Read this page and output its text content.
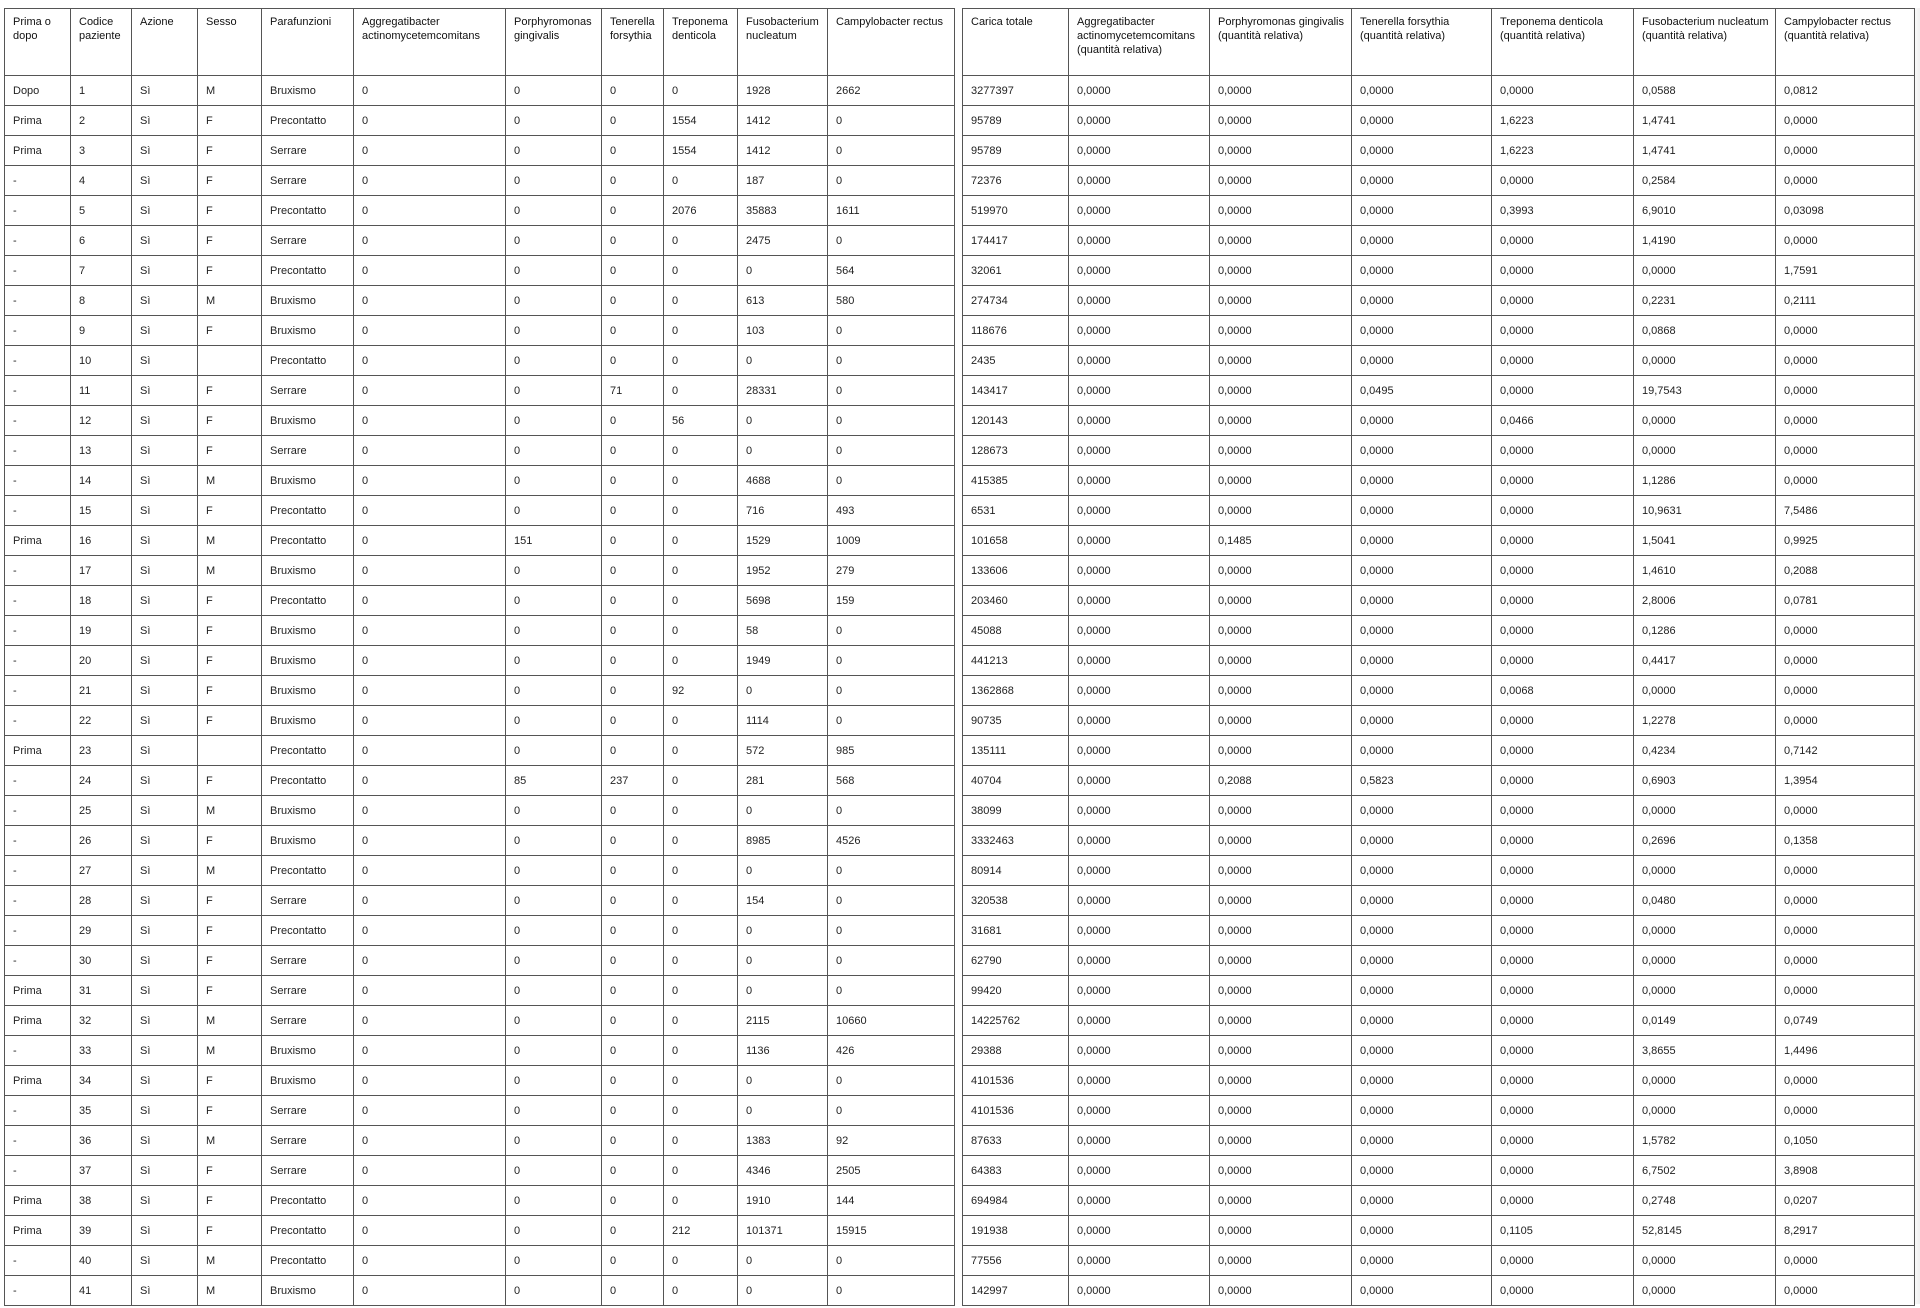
Prima o dopo	Codice paziente	Azione	Sesso	Parafunzioni	Aggregatibacter actinomycetemcomitans	Porphyromonas gingivalis	Tenerella forsythia	Treponema denticola	Fusobacterium nucleatum	Campylobacter rectus
Dopo	1	Sì	M	Bruxismo	0	0	0	0	1928	2662
Prima	2	Sì	F	Precontatto	0	0	0	1554	1412	0
Prima	3	Sì	F	Serrare	0	0	0	1554	1412	0
-	4	Sì	F	Serrare	0	0	0	0	187	0
-	5	Sì	F	Precontatto	0	0	0	2076	35883	1611
-	6	Sì	F	Serrare	0	0	0	0	2475	0
-	7	Sì	F	Precontatto	0	0	0	0	0	564
-	8	Sì	M	Bruxismo	0	0	0	0	613	580
-	9	Sì	F	Bruxismo	0	0	0	0	103	0
-	10	Sì		Precontatto	0	0	0	0	0	0
-	11	Sì	F	Serrare	0	0	71	0	28331	0
-	12	Sì	F	Bruxismo	0	0	0	56	0	0
-	13	Sì	F	Serrare	0	0	0	0	0	0
-	14	Sì	M	Bruxismo	0	0	0	0	4688	0
-	15	Sì	F	Precontatto	0	0	0	0	716	493
Prima	16	Sì	M	Precontatto	0	151	0	0	1529	1009
-	17	Sì	M	Bruxismo	0	0	0	0	1952	279
-	18	Sì	F	Precontatto	0	0	0	0	5698	159
-	19	Sì	F	Bruxismo	0	0	0	0	58	0
-	20	Sì	F	Bruxismo	0	0	0	0	1949	0
-	21	Sì	F	Bruxismo	0	0	0	92	0	0
-	22	Sì	F	Bruxismo	0	0	0	0	1114	0
Prima	23	Sì		Precontatto	0	0	0	0	572	985
-	24	Sì	F	Precontatto	0	85	237	0	281	568
-	25	Sì	M	Bruxismo	0	0	0	0	0	0
-	26	Sì	F	Bruxismo	0	0	0	0	8985	4526
-	27	Sì	M	Precontatto	0	0	0	0	0	0
-	28	Sì	F	Serrare	0	0	0	0	154	0
-	29	Sì	F	Precontatto	0	0	0	0	0	0
-	30	Sì	F	Serrare	0	0	0	0	0	0
Prima	31	Sì	F	Serrare	0	0	0	0	0	0
Prima	32	Sì	M	Serrare	0	0	0	0	2115	10660
-	33	Sì	M	Bruxismo	0	0	0	0	1136	426
Prima	34	Sì	F	Bruxismo	0	0	0	0	0	0
-	35	Sì	F	Serrare	0	0	0	0	0	0
-	36	Sì	M	Serrare	0	0	0	0	1383	92
-	37	Sì	F	Serrare	0	0	0	0	4346	2505
Prima	38	Sì	F	Precontatto	0	0	0	0	1910	144
Prima	39	Sì	F	Precontatto	0	0	0	212	101371	15915
-	40	Sì	M	Precontatto	0	0	0	0	0	0
-	41	Sì	M	Bruxismo	0	0	0	0	0	0
Carica totale	Aggregatibacter actinomycetemcomitans (quantità relativa)	Porphyromonas gingivalis (quantità relativa)	Tenerella forsythia (quantità relativa)	Treponema denticola (quantità relativa)	Fusobacterium nucleatum (quantità relativa)	Campylobacter rectus (quantità relativa)
3277397	0,0000	0,0000	0,0000	0,0000	0,0588	0,0812
95789	0,0000	0,0000	0,0000	1,6223	1,4741	0,0000
95789	0,0000	0,0000	0,0000	1,6223	1,4741	0,0000
72376	0,0000	0,0000	0,0000	0,0000	0,2584	0,0000
519970	0,0000	0,0000	0,0000	0,3993	6,9010	0,03098
174417	0,0000	0,0000	0,0000	0,0000	1,4190	0,0000
32061	0,0000	0,0000	0,0000	0,0000	0,0000	1,7591
274734	0,0000	0,0000	0,0000	0,0000	0,2231	0,2111
118676	0,0000	0,0000	0,0000	0,0000	0,0868	0,0000
2435	0,0000	0,0000	0,0000	0,0000	0,0000	0,0000
143417	0,0000	0,0000	0,0495	0,0000	19,7543	0,0000
120143	0,0000	0,0000	0,0000	0,0466	0,0000	0,0000
128673	0,0000	0,0000	0,0000	0,0000	0,0000	0,0000
415385	0,0000	0,0000	0,0000	0,0000	1,1286	0,0000
6531	0,0000	0,0000	0,0000	0,0000	10,9631	7,5486
101658	0,0000	0,1485	0,0000	0,0000	1,5041	0,9925
133606	0,0000	0,0000	0,0000	0,0000	1,4610	0,2088
203460	0,0000	0,0000	0,0000	0,0000	2,8006	0,0781
45088	0,0000	0,0000	0,0000	0,0000	0,1286	0,0000
441213	0,0000	0,0000	0,0000	0,0000	0,4417	0,0000
1362868	0,0000	0,0000	0,0000	0,0068	0,0000	0,0000
90735	0,0000	0,0000	0,0000	0,0000	1,2278	0,0000
135111	0,0000	0,0000	0,0000	0,0000	0,4234	0,7142
40704	0,0000	0,2088	0,5823	0,0000	0,6903	1,3954
38099	0,0000	0,0000	0,0000	0,0000	0,0000	0,0000
3332463	0,0000	0,0000	0,0000	0,0000	0,2696	0,1358
80914	0,0000	0,0000	0,0000	0,0000	0,0000	0,0000
320538	0,0000	0,0000	0,0000	0,0000	0,0480	0,0000
31681	0,0000	0,0000	0,0000	0,0000	0,0000	0,0000
62790	0,0000	0,0000	0,0000	0,0000	0,0000	0,0000
99420	0,0000	0,0000	0,0000	0,0000	0,0000	0,0000
14225762	0,0000	0,0000	0,0000	0,0000	0,0149	0,0749
29388	0,0000	0,0000	0,0000	0,0000	3,8655	1,4496
4101536	0,0000	0,0000	0,0000	0,0000	0,0000	0,0000
4101536	0,0000	0,0000	0,0000	0,0000	0,0000	0,0000
87633	0,0000	0,0000	0,0000	0,0000	1,5782	0,1050
64383	0,0000	0,0000	0,0000	0,0000	6,7502	3,8908
694984	0,0000	0,0000	0,0000	0,0000	0,2748	0,0207
191938	0,0000	0,0000	0,0000	0,1105	52,8145	8,2917
77556	0,0000	0,0000	0,0000	0,0000	0,0000	0,0000
142997	0,0000	0,0000	0,0000	0,0000	0,0000	0,0000
